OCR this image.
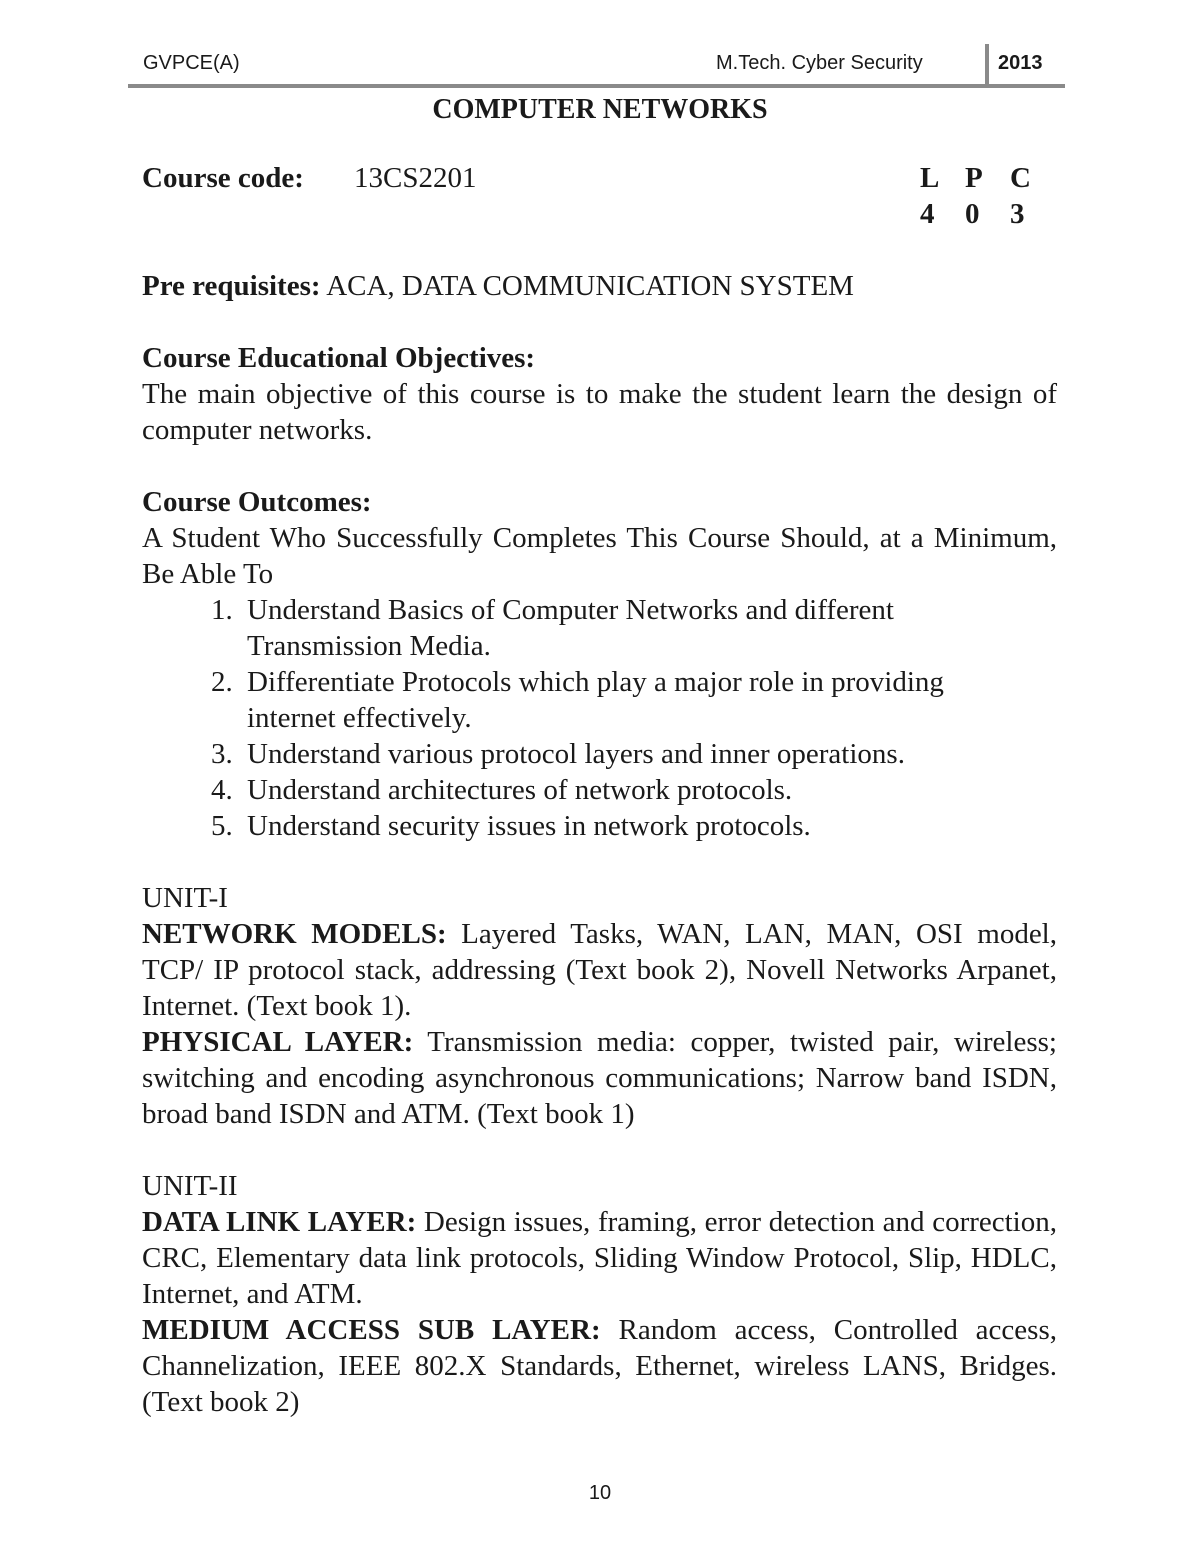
GVPCE(A)	M.Tech. Cyber Security	2013
COMPUTER NETWORKS
Course code: 13CS2201	L P C
4 0 3

Pre requisites: ACA, DATA COMMUNICATION SYSTEM

Course Educational Objectives:

The main objective of this course is to make the student learn the design of computer networks.

Course Outcomes:

A Student Who Successfully Completes This Course Should, at a Minimum, Be Able To

1. Understand Basics of Computer Networks and different Transmission Media.
2. Differentiate Protocols which play a major role in providing internet effectively.
3. Understand various protocol layers and inner operations.
4. Understand architectures of network protocols.
5. Understand security issues in network protocols.

UNIT-I

NETWORK MODELS: Layered Tasks, WAN, LAN, MAN, OSI model, TCP/ IP protocol stack, addressing (Text book 2), Novell Networks Arpanet, Internet. (Text book 1).

PHYSICAL LAYER: Transmission media: copper, twisted pair, wireless; switching and encoding asynchronous communications; Narrow band ISDN, broad band ISDN and ATM. (Text book 1)

UNIT-II

DATA LINK LAYER: Design issues, framing, error detection and correction, CRC, Elementary data link protocols, Sliding Window Protocol, Slip, HDLC, Internet, and ATM.

MEDIUM ACCESS SUB LAYER: Random access, Controlled access, Channelization, IEEE 802.X Standards, Ethernet, wireless LANS, Bridges. (Text book 2)

10
